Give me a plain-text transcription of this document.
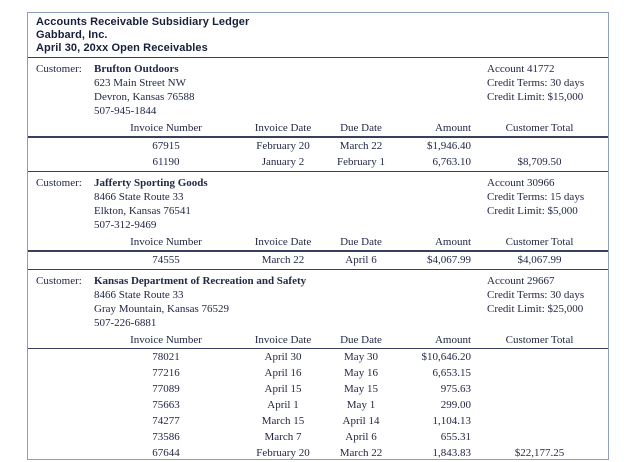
Accounts Receivable Subsidiary Ledger
Gabbard, Inc.
April 30, 20xx Open Receivables
Customer:	Brufton Outdoors
623 Main Street NW
Devron, Kansas 76588
507-945-1844
Account 41772
Credit Terms: 30 days
Credit Limit: $15,000
Invoice Number	Invoice Date	Due Date	Amount	Customer Total
67915	February 20	March 22	$1,946.40
61190	January 2	February 1	6,763.10	$8,709.50
Customer:	Jafferty Sporting Goods
8466 State Route 33
Elkton, Kansas 76541
507-312-9469
Account 30966
Credit Terms: 15 days
Credit Limit: $5,000
Invoice Number	Invoice Date	Due Date	Amount	Customer Total
74555	March 22	April 6	$4,067.99	$4,067.99
Customer:	Kansas Department of Recreation and Safety
8466 State Route 33
Gray Mountain, Kansas 76529
507-226-6881
Account 29667
Credit Terms: 30 days
Credit Limit: $25,000
Invoice Number	Invoice Date	Due Date	Amount	Customer Total
78021	April 30	May 30	$10,646.20
77216	April 16	May 16	6,653.15
77089	April 15	May 15	975.63
75663	April 1	May 1	299.00
74277	March 15	April 14	1,104.13
73586	March 7	April 6	655.31
67644	February 20	March 22	1,843.83	$22,177.25
